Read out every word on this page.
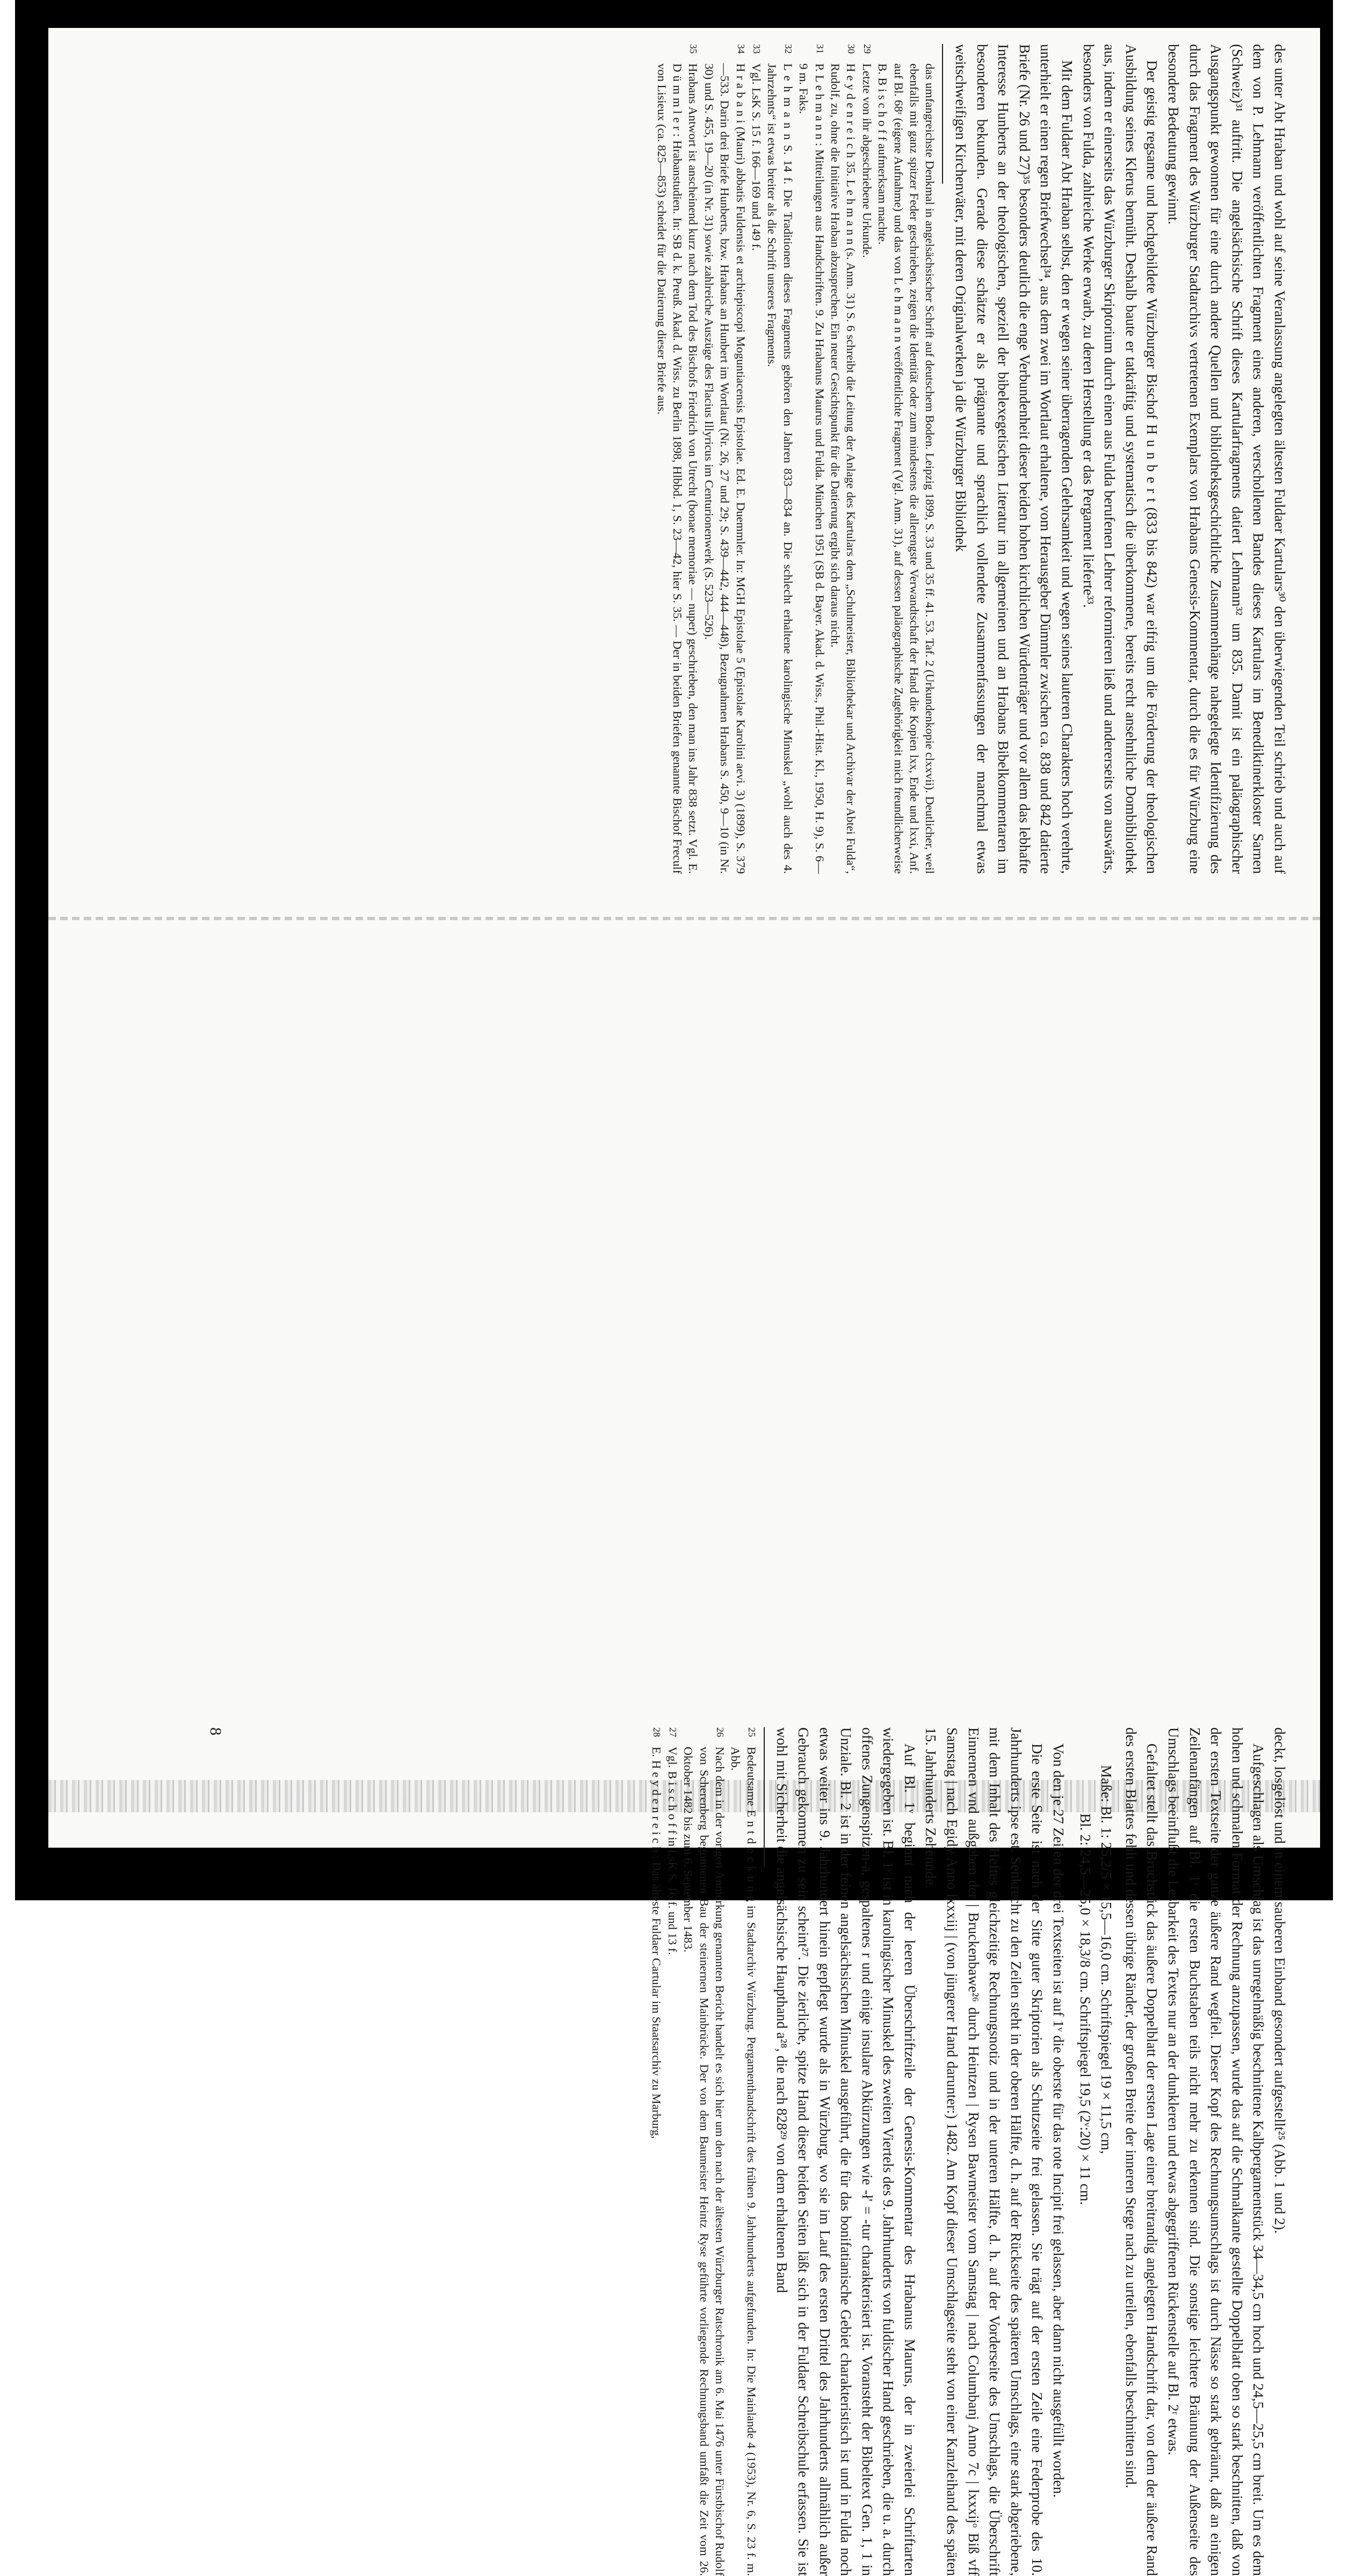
deckt, losgelöst und in einem sauberen Einband gesondert aufgestellt²⁵ (Abb. 1 und 2).

Aufgeschlagen als Umschlag ist das unregelmäßig beschnittene Kalbpergamentstück 34—34,5 cm hoch und 24,5—25,5 cm breit. Um es dem hohen und schmalen Format der Rechnung anzupassen, wurde das auf die Schmalkante gestellte Doppelblatt oben so stark beschnitten, daß von der ersten Textseite der ganze äußere Rand wegfiel. Dieser Kopf des Rechnungsumschlags ist durch Nässe so stark gebräunt, daß an einigen Zeilenanfängen auf Bl. 1ᵛ die ersten Buchstaben teils nicht mehr zu erkennen sind. Die sonstige leichtere Bräunung der Außenseite des Umschlags beeinflußt die Lesbarkeit des Textes nur an der dunkleren und etwas abgegriffenen Rückenstelle auf Bl. 2ʳ etwas.

Gefaltet stellt das Bruchstück das äußere Doppelblatt der ersten Lage einer breitrandig angelegten Handschrift dar, von dem der äußere Rand des ersten Blattes fehlt und dessen übrige Ränder, der großen Breite der inneren Stege nach zu urteilen, ebenfalls beschnitten sind.

Maße: Bl. 1: 25,2/5 × 15,5—16,0 cm. Schriftspiegel 19 × 11,5 cm,
Bl. 2: 24,5—25,0 × 18,3/8 cm. Schriftspiegel 19,5 (2ᵛ:20) × 11 cm.

Von den je 27 Zeilen der drei Textseiten ist auf 1ᵛ die oberste für das rote Incipit frei gelassen, aber dann nicht ausgefüllt worden.

Die erste Seite ist nach der Sitte guter Skriptorien als Schutzseite frei gelassen. Sie trägt auf der ersten Zeile eine Federprobe des 10. Jahrhunderts ipse est. Senkrecht zu den Zeilen steht in der oberen Hälfte, d. h. auf der Rückseite des späteren Umschlags, eine stark abgeriebene, mit dem Inhalt des Heftes gleichzeitige Rechnungsnotiz und in der unteren Hälfte, d. h. auf der Vorderseite des Umschlags, die Überschrift Einnemen vnd außgeben der | Bruckenbawe²⁶ durch Heintzen | Rysen Bawmeister vom Samstag | nach Columbanj Anno 7c | lxxxijᵒ Biß vff Samstag | nach Egidy Anno lxxxiij | (von jüngerer Hand darunter:) 1482. Am Kopf dieser Umschlagseite steht von einer Kanzleihand des späten 15. Jahrhunderts Zehennde.

Auf Bl. 1ᵛ beginnt nach der leeren Überschriftzeile der Genesis-Kommentar des Hrabanus Maurus, der in zweierlei Schriftarten wiedergegeben ist. Bl. 1ᵛ ist in karolingischer Minuskel des zweiten Viertels des 9. Jahrhunderts von fuldischer Hand geschrieben, die u. a. durch offenes Zungenspitzen-a, gespaltenes r und einige insulare Abkürzungen wie -ł' = -tur charakterisiert ist. Voransteht der Bibeltext Gen. 1, 1 in Unziale. Bl. 2 ist in der feinen angelsächsischen Minuskel ausgeführt, die für das bonifatianische Gebiet charakteristisch ist und in Fulda noch etwas weiter ins 9. Jahrhundert hinein gepflegt wurde als in Würzburg, wo sie im Lauf des ersten Drittel des Jahrhunderts allmählich außer Gebrauch gekommen zu sein scheint²⁷. Die zierliche, spitze Hand dieser beiden Seiten läßt sich in der Fuldaer Schreibschule erfassen. Sie ist wohl mit Sicherheit die angelsächsische Haupthand a²⁸, die nach 828²⁹ von dem erhaltenen Band

25Bedeutsame E n t d e c k u n g im Stadtarchiv Würzburg. Pergamenthandschrift des frühen 9. Jahrhunderts aufgefunden. In: Die Mainlande 4 (1953), Nr. 6, S. 23 f. m. Abb.
26Nach dem in der vorigen Anmerkung genannten Bericht handelt es sich hier um den nach der ältesten Würzburger Ratschronik am 6. Mai 1476 unter Fürstbischof Rudolf von Scherenberg begonnenen Bau der steinernen Mainbrücke. Der von dem Baumeister Heintz Ryse geführte vorliegende Rechnungsband umfaßt die Zeit vom 26. Oktober 1482 bis zum 6. September 1483.
27Vgl. B i s c h o f f in LsK S. 16 f. und 13 f.
28E. H e y d e n r e i c h : Das älteste Fuldaer Cartular im Staatsarchiv zu Marburg,
8

des unter Abt Hraban und wohl auf seine Veranlassung angelegten ältesten Fuldaer Kartulars³⁰ den überwiegenden Teil schrieb und auch auf dem von P. Lehmann veröffentlichten Fragment eines anderen, verschollenen Bandes dieses Kartulars im Benediktinerkloster Sarnen (Schweiz)³¹ auftritt. Die angelsächsische Schrift dieses Kartularfragments datiert Lehmann³² um 835. Damit ist ein paläographischer Ausgangspunkt gewonnen für eine durch andere Quellen und bibliotheksgeschichtliche Zusammenhänge nahegelegte Identifizierung des durch das Fragment des Würzburger Stadtarchivs vertretenen Exemplars von Hrabans Genesis-Kommentar, durch die es für Würzburg eine besondere Bedeutung gewinnt.

Der geistig regsame und hochgebildete Würzburger Bischof H u n b e r t (833 bis 842) war eifrig um die Förderung der theologischen Ausbildung seines Klerus bemüht. Deshalb baute er tatkräftig und systematisch die überkommene, bereits recht ansehnliche Dombibliothek aus, indem er einerseits das Würzburger Skriptorium durch einen aus Fulda berufenen Lehrer reformieren ließ und andererseits von auswärts, besonders von Fulda, zahlreiche Werke erwarb, zu deren Herstellung er das Pergament lieferte³³.

Mit dem Fuldaer Abt Hraban selbst, den er wegen seiner überragenden Gelehrsamkeit und wegen seines lauteren Charakters hoch verehrte, unterhielt er einen regen Briefwechsel³⁴, aus dem zwei im Wortlaut erhaltene, vom Herausgeber Dümmler zwischen ca. 838 und 842 datierte Briefe (Nr. 26 und 27)³⁵ besonders deutlich die enge Verbundenheit dieser beiden hohen kirchlichen Würdenträger und vor allem das lebhafte Interesse Hunberts an der theologischen, speziell der bibelexegetischen Literatur im allgemeinen und an Hrabans Bibelkommentaren im besonderen bekunden. Gerade diese schätzte er als prägnante und sprachlich vollendete Zusammenfassungen der manchmal etwas weitschweifigen Kirchenväter, mit deren Originalwerken ja die Würzburger Bibliothek

das umfangreichste Denkmal in angelsächsischer Schrift auf deutschem Boden. Leipzig 1899, S. 33 und 35 ff. 41. 53. Taf. 2 (Urkundenkopie clxxvii). Deutlicher, weil ebenfalls mit ganz spitzer Feder geschrieben, zeigen die Identität oder zum mindestens die allerengste Verwandtschaft der Hand die Kopien lxx, Ende und lxxi, Anf. auf Bl. 68ʳ (eigene Aufnahme) und das von L e h m a n n veröffentlichte Fragment (Vgl. Anm. 31), auf dessen paläographische Zugehörigkeit mich freundlicherweise B. B i s c h o f f aufmerksam machte.
29Letzte von ihr abgeschriebene Urkunde.
30H e y d e n r e i c h 35. L e h m a n n (s. Anm. 31) S. 6 schreibt die Leitung der Anlage des Kartulars dem „Schulmeister, Bibliothekar und Archivar der Abtei Fulda“, Rudolf, zu, ohne die Initiative Hraban abzusprechen. Ein neuer Gesichtspunkt für die Datierung ergibt sich daraus nicht.
31P. L e h m a n n : Mitteilungen aus Handschriften. 9. Zu Hrabanus Maurus und Fulda. München 1951 (SB d. Bayer. Akad. d. Wiss., Phil.-Hist. Kl., 1950, H. 9), S. 6—9 m. Faks.
32L e h m a n n S. 14 f. Die Traditionen dieses Fragments gehören den Jahren 833—834 an. Die schlecht erhaltene karolingische Minuskel „wohl auch des 4. Jahrzehnts“ ist etwas breiter als die Schrift unseres Fragments.
33Vgl. LsK S. 15 f. 166—169 und 149 f.
34H r a b a n i (Mauri) abbatis Fuldensis et archiepiscopi Moguntiacensis Epistolae. Ed. E. Duemmler. In: MGH Epistolae 5 (Epistolae Karolini aevi. 3) (1899), S. 379—533. Darin drei Briefe Hunberts, bzw. Hrabans an Hunbert im Wortlaut (Nr. 26, 27 und 29; S. 439—442, 444—448), Bezugnahmen Hrabans S. 450, 9—10 (in Nr. 30) und S. 455, 19—20 (in Nr. 31) sowie zahlreiche Auszüge des Flacius Illyricus im Centurionenwerk (S. 523—526).
35Hrabans Antwort ist anscheinend kurz nach dem Tod des Bischofs Friedrich von Utrecht (bonae memoriae — nuper) geschrieben, den man ins Jahr 838 setzt. Vgl. E. D ü m m l e r : Hrabanstudien. In: SB d. k. Preuß. Akad. d. Wiss. zu Berlin 1898, Hlbbd. 1, S. 23—42, hier S. 35. — Der in beiden Briefen genannte Bischof Freculf von Lisieux (ca. 825—853) scheidet für die Datierung dieser Briefe aus.
